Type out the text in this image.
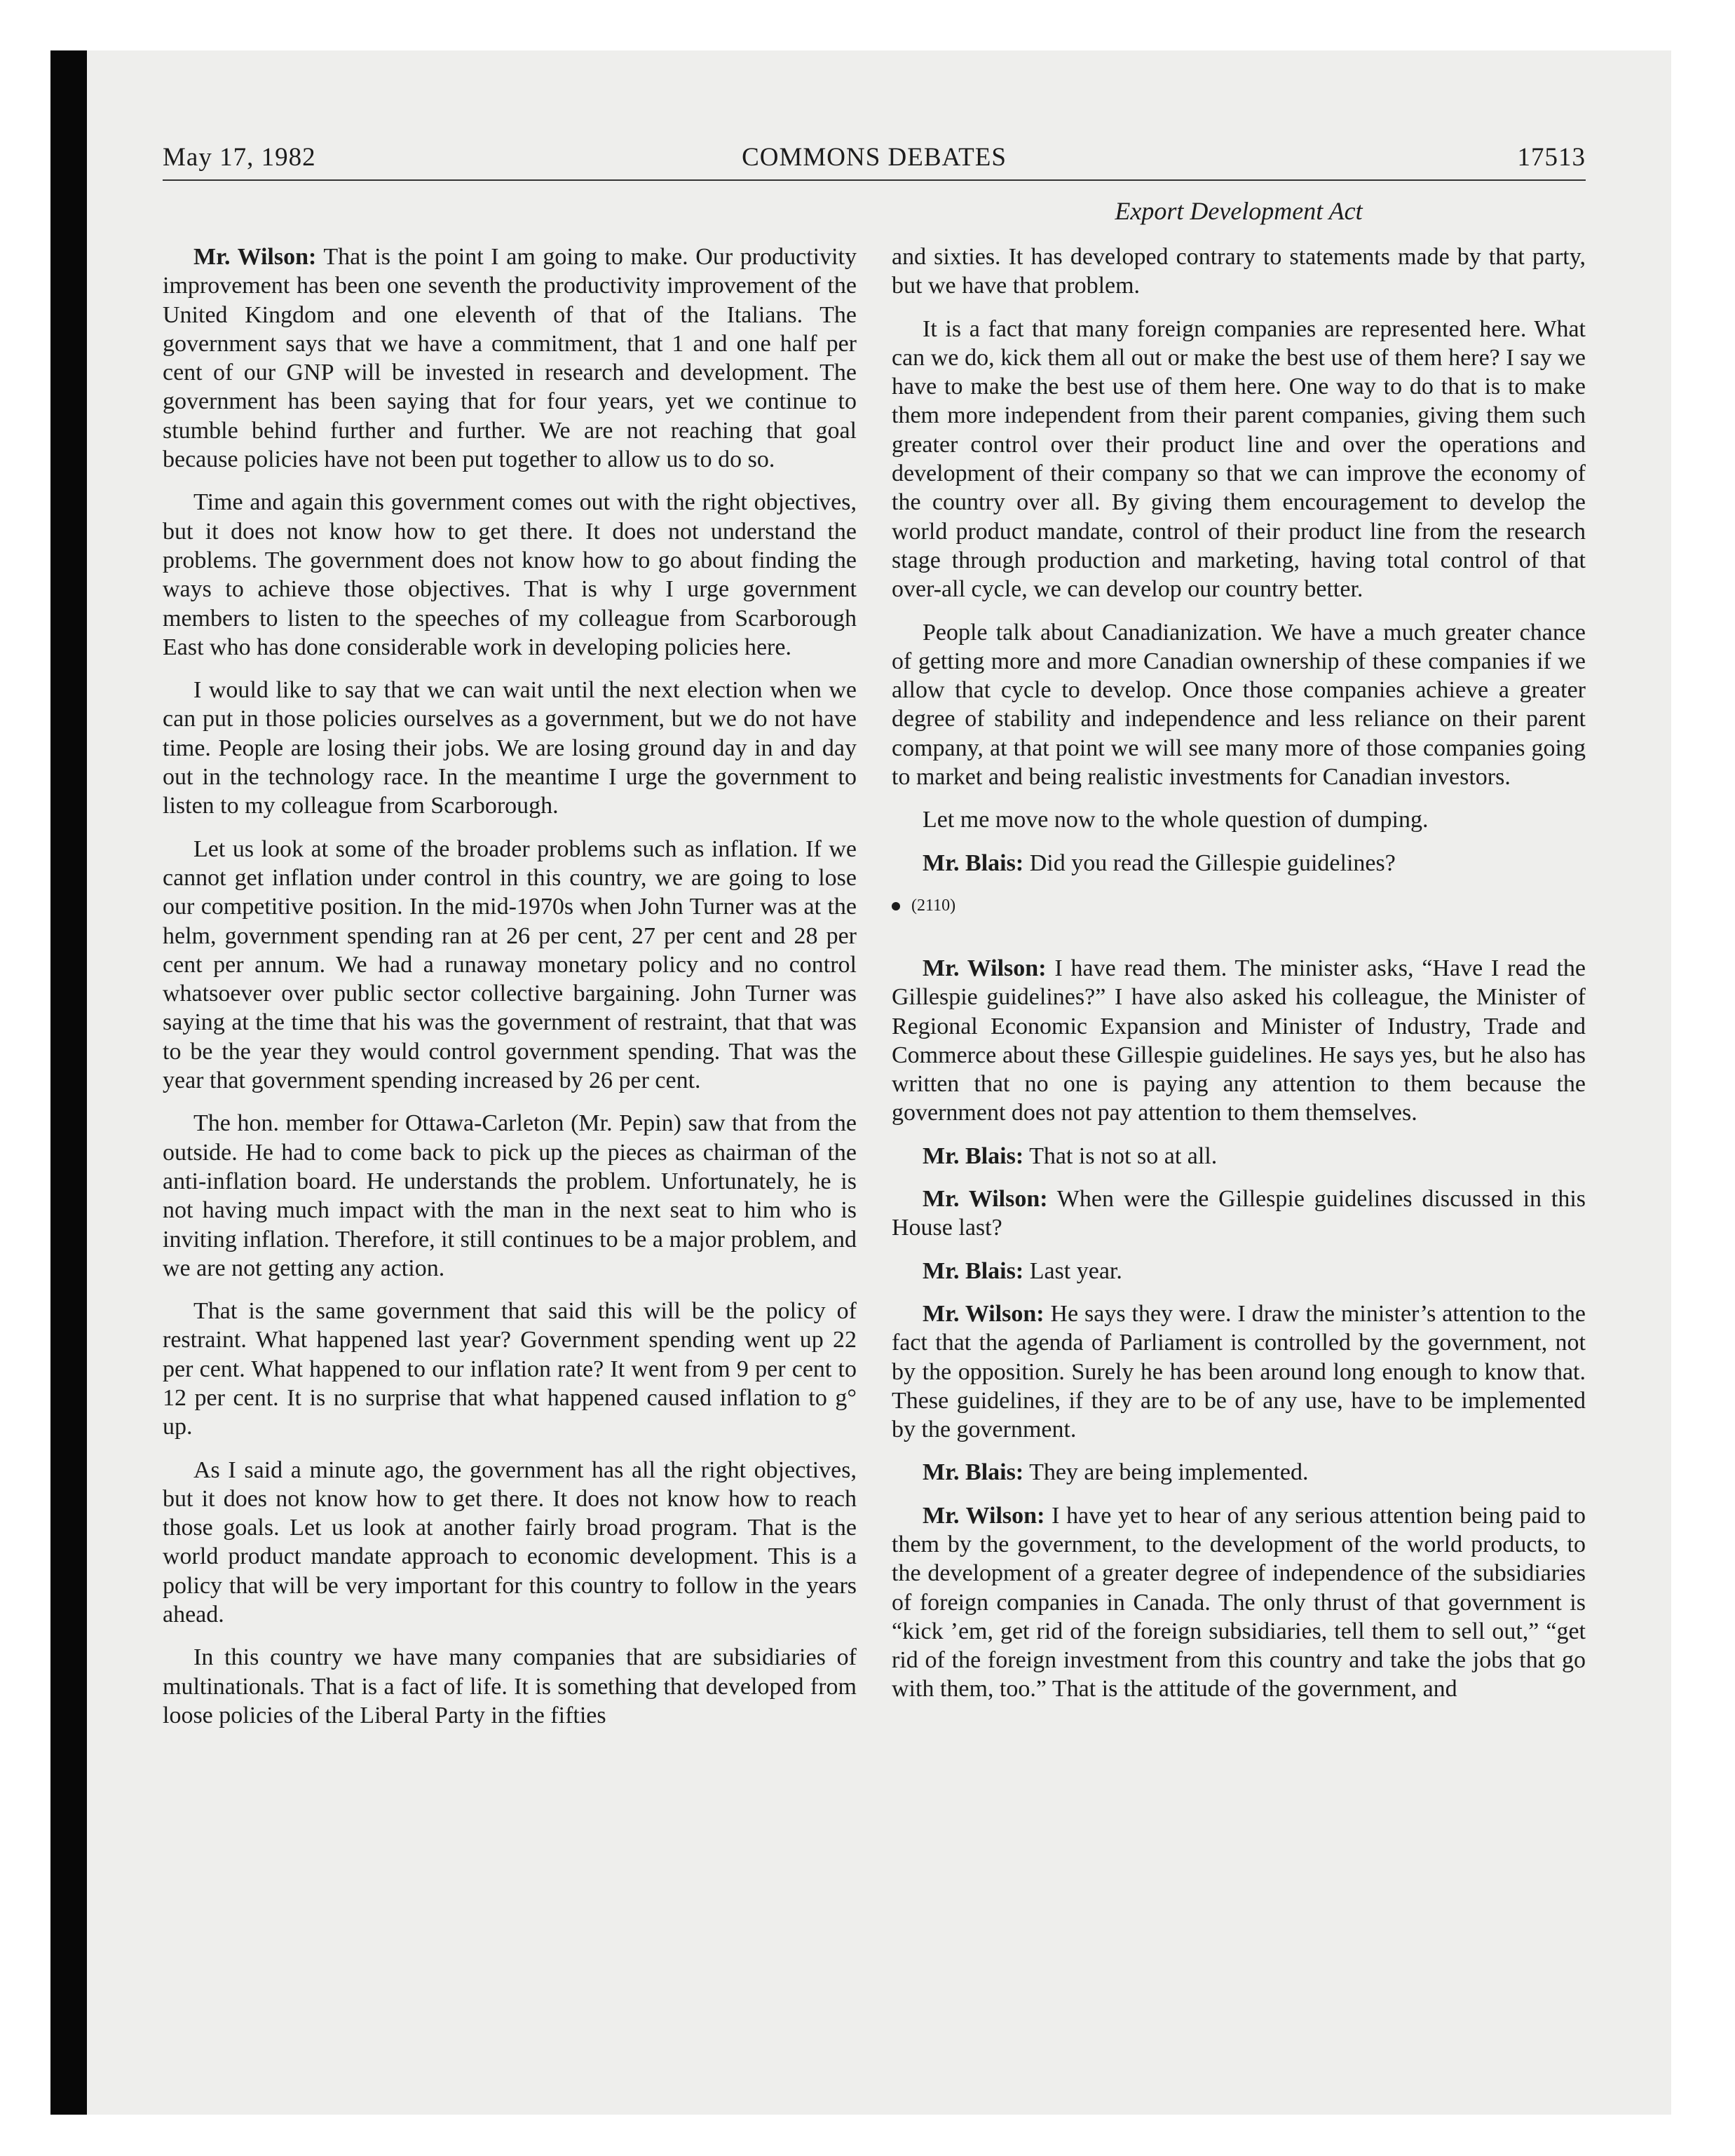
May 17, 1982	COMMONS DEBATES	17513
Export Development Act

Mr. Wilson: That is the point I am going to make. Our productivity improvement has been one seventh the productivity improvement of the United Kingdom and one eleventh of that of the Italians. The government says that we have a commitment, that 1 and one half per cent of our GNP will be invested in research and development. The government has been saying that for four years, yet we continue to stumble behind further and further. We are not reaching that goal because policies have not been put together to allow us to do so.

Time and again this government comes out with the right objectives, but it does not know how to get there. It does not understand the problems. The government does not know how to go about finding the ways to achieve those objectives. That is why I urge government members to listen to the speeches of my colleague from Scarborough East who has done considerable work in developing policies here.

I would like to say that we can wait until the next election when we can put in those policies ourselves as a government, but we do not have time. People are losing their jobs. We are losing ground day in and day out in the technology race. In the meantime I urge the government to listen to my colleague from Scarborough.

Let us look at some of the broader problems such as inflation. If we cannot get inflation under control in this country, we are going to lose our competitive position. In the mid-1970s when John Turner was at the helm, government spending ran at 26 per cent, 27 per cent and 28 per cent per annum. We had a runaway monetary policy and no control whatsoever over public sector collective bargaining. John Turner was saying at the time that his was the government of restraint, that that was to be the year they would control government spending. That was the year that government spending increased by 26 per cent.

The hon. member for Ottawa-Carleton (Mr. Pepin) saw that from the outside. He had to come back to pick up the pieces as chairman of the anti-inflation board. He understands the problem. Unfortunately, he is not having much impact with the man in the next seat to him who is inviting inflation. Therefore, it still continues to be a major problem, and we are not getting any action.

That is the same government that said this will be the policy of restraint. What happened last year? Government spending went up 22 per cent. What happened to our inflation rate? It went from 9 per cent to 12 per cent. It is no surprise that what happened caused inflation to g° up.

As I said a minute ago, the government has all the right objectives, but it does not know how to get there. It does not know how to reach those goals. Let us look at another fairly broad program. That is the world product mandate approach to economic development. This is a policy that will be very important for this country to follow in the years ahead.

In this country we have many companies that are subsidiaries of multinationals. That is a fact of life. It is something that developed from loose policies of the Liberal Party in the fifties

and sixties. It has developed contrary to statements made by that party, but we have that problem.

It is a fact that many foreign companies are represented here. What can we do, kick them all out or make the best use of them here? I say we have to make the best use of them here. One way to do that is to make them more independent from their parent companies, giving them such greater control over their product line and over the operations and development of their company so that we can improve the economy of the country over all. By giving them encouragement to develop the world product mandate, control of their product line from the research stage through production and marketing, having total control of that over-all cycle, we can develop our country better.

People talk about Canadianization. We have a much greater chance of getting more and more Canadian ownership of these companies if we allow that cycle to develop. Once those companies achieve a greater degree of stability and independence and less reliance on their parent company, at that point we will see many more of those companies going to market and being realistic investments for Canadian investors.

Let me move now to the whole question of dumping.

Mr. Blais: Did you read the Gillespie guidelines?

(2110)

Mr. Wilson: I have read them. The minister asks, “Have I read the Gillespie guidelines?” I have also asked his colleague, the Minister of Regional Economic Expansion and Minister of Industry, Trade and Commerce about these Gillespie guidelines. He says yes, but he also has written that no one is paying any attention to them because the government does not pay attention to them themselves.

Mr. Blais: That is not so at all.

Mr. Wilson: When were the Gillespie guidelines discussed in this House last?

Mr. Blais: Last year.

Mr. Wilson: He says they were. I draw the minister’s attention to the fact that the agenda of Parliament is controlled by the government, not by the opposition. Surely he has been around long enough to know that. These guidelines, if they are to be of any use, have to be implemented by the government.

Mr. Blais: They are being implemented.

Mr. Wilson: I have yet to hear of any serious attention being paid to them by the government, to the development of the world products, to the development of a greater degree of independence of the subsidiaries of foreign companies in Canada. The only thrust of that government is “kick ’em, get rid of the foreign subsidiaries, tell them to sell out,” “get rid of the foreign investment from this country and take the jobs that go with them, too.” That is the attitude of the government, and
